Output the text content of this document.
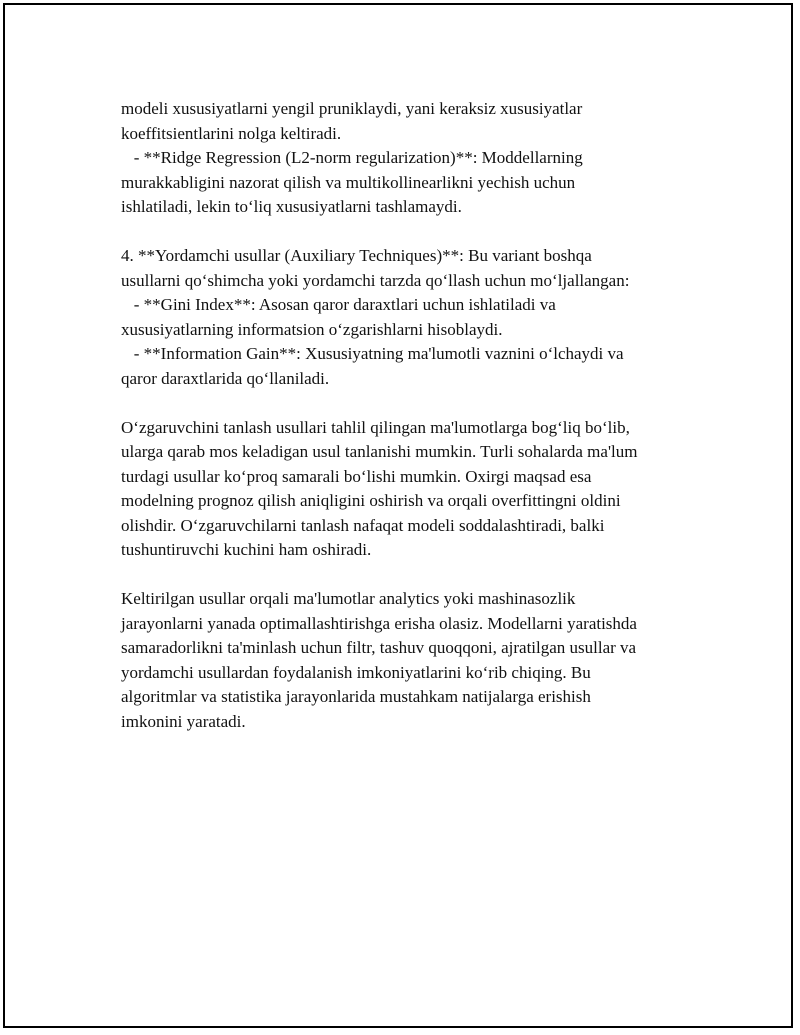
modeli xususiyatlarni yengil pruniklaydi, yani keraksiz xususiyatlar
koeffitsientlarini nolga keltiradi.
- **Ridge Regression (L2-norm regularization)**: Moddellarning
murakkabligini nazorat qilish va multikollinearlikni yechish uchun
ishlatiladi, lekin to‘liq xususiyatlarni tashlamaydi.
4. **Yordamchi usullar (Auxiliary Techniques)**: Bu variant boshqa
usullarni qo‘shimcha yoki yordamchi tarzda qo‘llash uchun mo‘ljallangan:
- **Gini Index**: Asosan qaror daraxtlari uchun ishlatiladi va
xususiyatlarning informatsion o‘zgarishlarni hisoblaydi.
- **Information Gain**: Xususiyatning ma'lumotli vaznini o‘lchaydi va
qaror daraxtlarida qo‘llaniladi.
O‘zgaruvchini tanlash usullari tahlil qilingan ma'lumotlarga bog‘liq bo‘lib,
ularga qarab mos keladigan usul tanlanishi mumkin. Turli sohalarda ma'lum
turdagi usullar ko‘proq samarali bo‘lishi mumkin. Oxirgi maqsad esa
modelning prognoz qilish aniqligini oshirish va orqali overfittingni oldini
olishdir. O‘zgaruvchilarni tanlash nafaqat modeli soddalashtiradi, balki
tushuntiruvchi kuchini ham oshiradi.
Keltirilgan usullar orqali ma'lumotlar analytics yoki mashinasozlik
jarayonlarni yanada optimallashtirishga erisha olasiz. Modellarni yaratishda
samaradorlikni ta'minlash uchun filtr, tashuv quoqqoni, ajratilgan usullar va
yordamchi usullardan foydalanish imkoniyatlarini ko‘rib chiqing. Bu
algoritmlar va statistika jarayonlarida mustahkam natijalarga erishish
imkonini yaratadi.
